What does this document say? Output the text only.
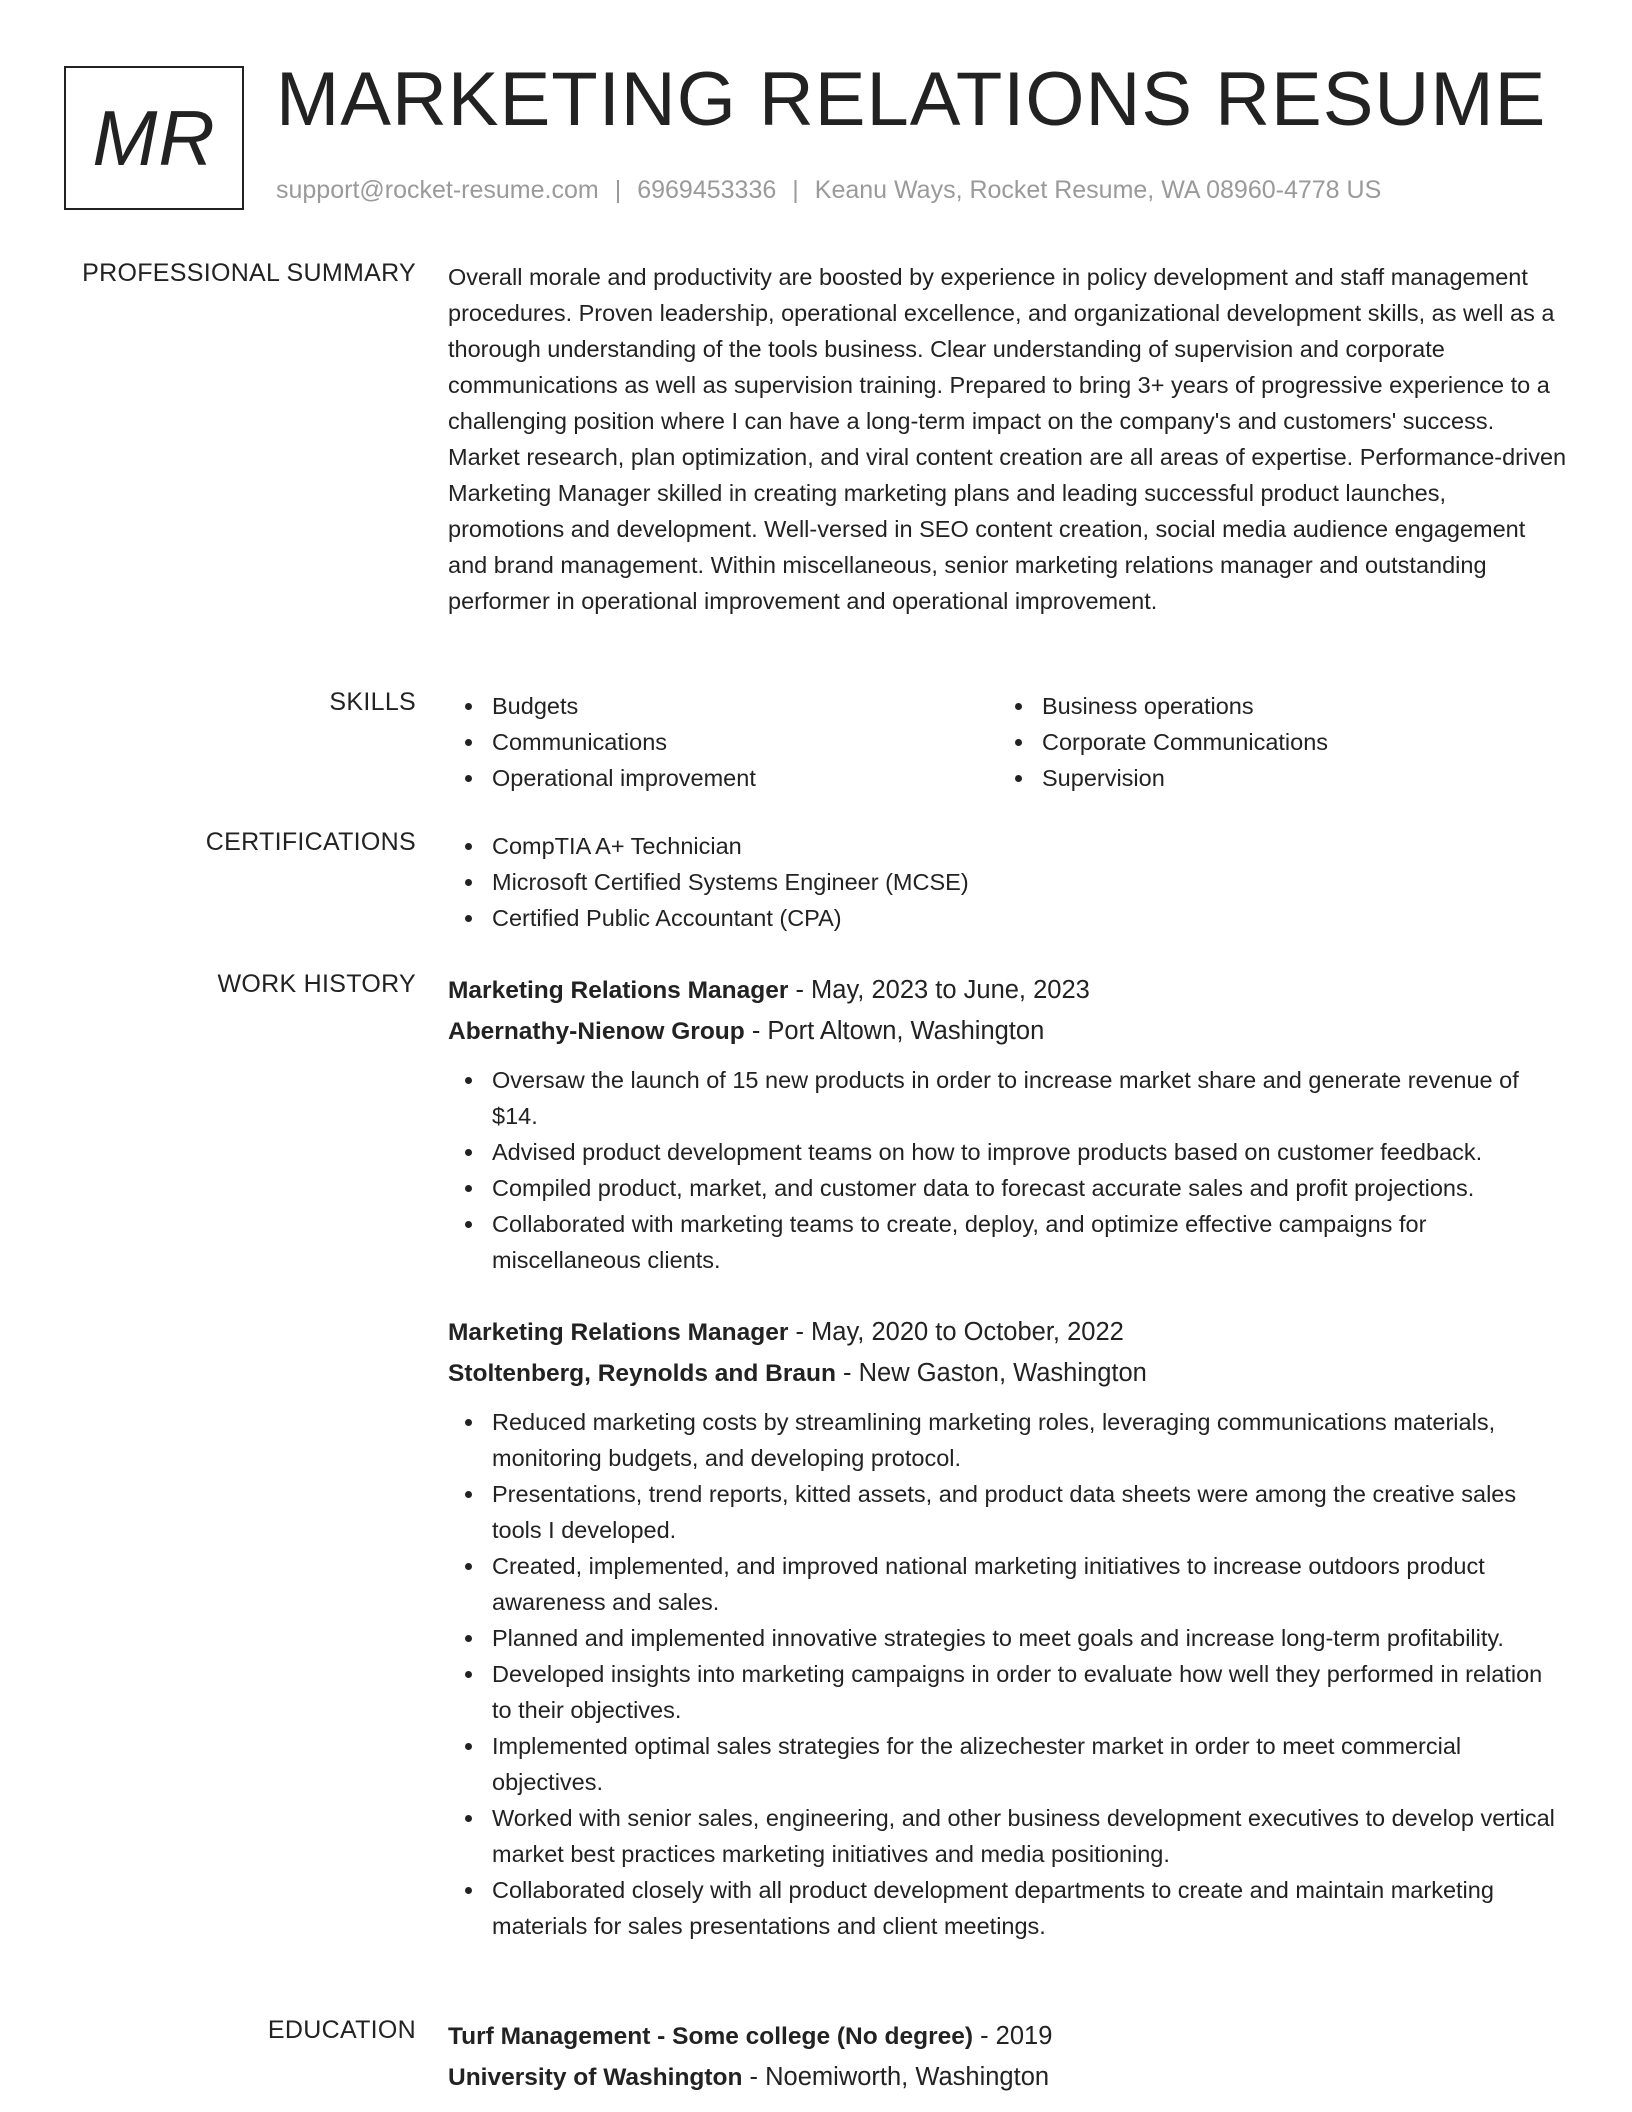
MR MARKETING RELATIONS RESUME
support@rocket-resume.com | 6969453336 | Keanu Ways, Rocket Resume, WA 08960-4778 US
PROFESSIONAL SUMMARY Overall morale and productivity are boosted by experience in policy development and staff management procedures. Proven leadership, operational excellence, and organizational development skills, as well as a thorough understanding of the tools business. Clear understanding of supervision and corporate communications as well as supervision training. Prepared to bring 3+ years of progressive experience to a challenging position where I can have a long-term impact on the company's and customers' success. Market research, plan optimization, and viral content creation are all areas of expertise. Performance-driven Marketing Manager skilled in creating marketing plans and leading successful product launches, promotions and development. Well-versed in SEO content creation, social media audience engagement and brand management. Within miscellaneous, senior marketing relations manager and outstanding performer in operational improvement and operational improvement.
SKILLS	Budgets
Communications
Operational improvement
Business operations
Corporate Communications
Supervision
CERTIFICATIONS	CompTIA A+ Technician
Microsoft Certified Systems Engineer (MCSE)
Certified Public Accountant (CPA)
WORK HISTORY Marketing Relations Manager - May, 2023 to June, 2023
Abernathy-Nienow Group - Port Altown, Washington
Oversaw the launch of 15 new products in order to increase market share and generate revenue of $14.
Advised product development teams on how to improve products based on customer feedback.
Compiled product, market, and customer data to forecast accurate sales and profit projections.
Collaborated with marketing teams to create, deploy, and optimize effective campaigns for miscellaneous clients.
Marketing Relations Manager - May, 2020 to October, 2022
Stoltenberg, Reynolds and Braun - New Gaston, Washington
Reduced marketing costs by streamlining marketing roles, leveraging communications materials, monitoring budgets, and developing protocol.
Presentations, trend reports, kitted assets, and product data sheets were among the creative sales tools I developed.
Created, implemented, and improved national marketing initiatives to increase outdoors product awareness and sales.
Planned and implemented innovative strategies to meet goals and increase long-term profitability.
Developed insights into marketing campaigns in order to evaluate how well they performed in relation to their objectives.
Implemented optimal sales strategies for the alizechester market in order to meet commercial objectives.
Worked with senior sales, engineering, and other business development executives to develop vertical market best practices marketing initiatives and media positioning.
Collaborated closely with all product development departments to create and maintain marketing materials for sales presentations and client meetings.
EDUCATION Turf Management - Some college (No degree) - 2019
University of Washington - Noemiworth, Washington
